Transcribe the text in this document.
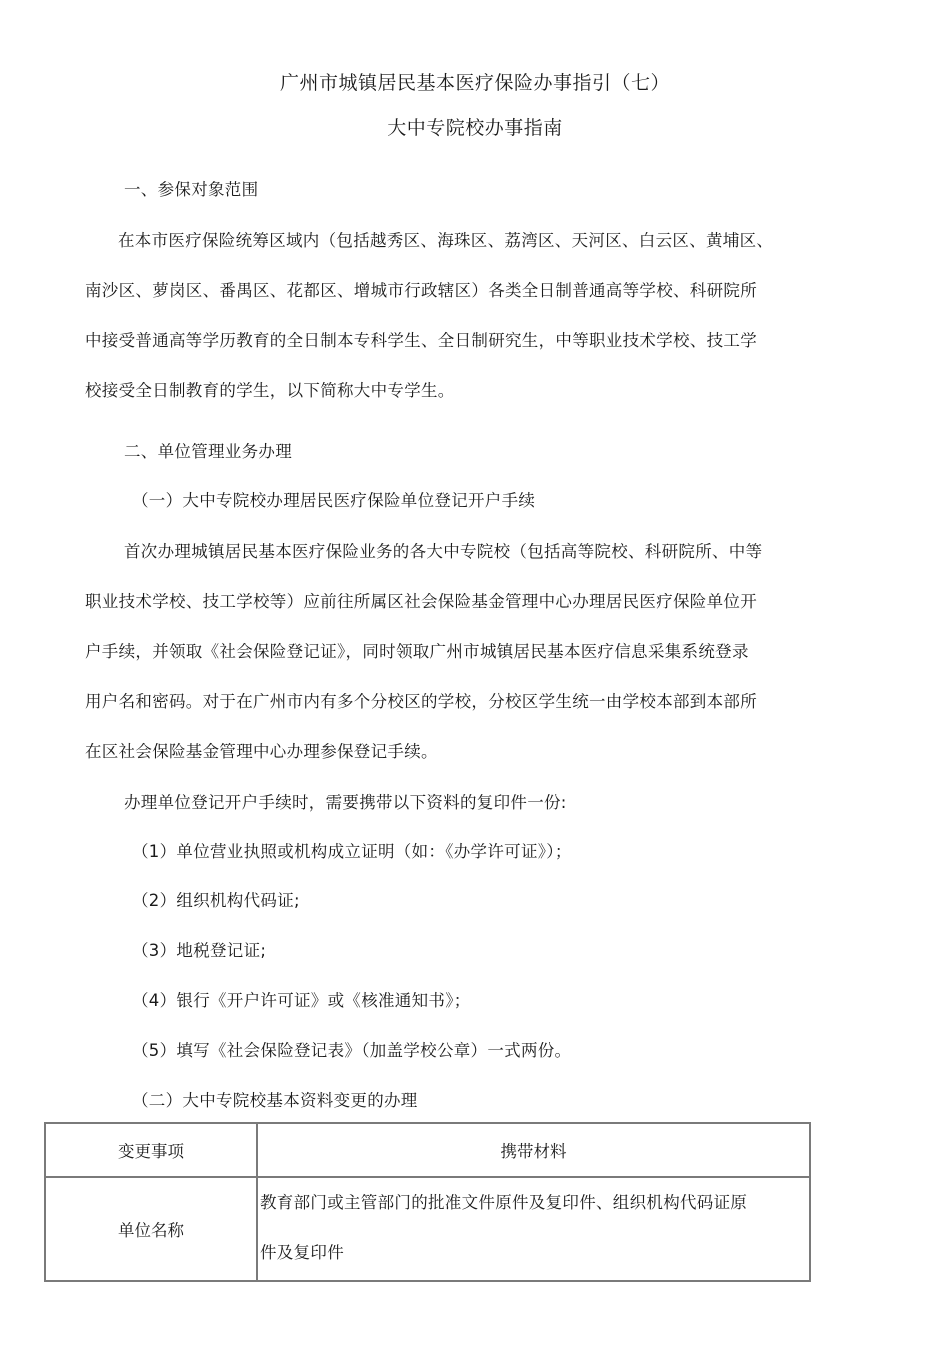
广州市城镇居民基本医疗保险办事指引（七）
大中专院校办事指南
一、参保对象范围
在本市医疗保险统筹区域内（包括越秀区、海珠区、荔湾区、天河区、白云区、黄埔区、
南沙区、萝岗区、番禺区、花都区、增城市行政辖区）各类全日制普通高等学校、科研院所
中接受普通高等学历教育的全日制本专科学生、全日制研究生，中等职业技术学校、技工学
校接受全日制教育的学生，以下简称大中专学生。
二、单位管理业务办理
（一）大中专院校办理居民医疗保险单位登记开户手续
首次办理城镇居民基本医疗保险业务的各大中专院校（包括高等院校、科研院所、中等
职业技术学校、技工学校等）应前往所属区社会保险基金管理中心办理居民医疗保险单位开
户手续，并领取《社会保险登记证》，同时领取广州市城镇居民基本医疗信息采集系统登录
用户名和密码。对于在广州市内有多个分校区的学校，分校区学生统一由学校本部到本部所
在区社会保险基金管理中心办理参保登记手续。
办理单位登记开户手续时，需要携带以下资料的复印件一份:
（1）单位营业执照或机构成立证明（如：《办学许可证》）；
（2）组织机构代码证;
（3）地税登记证;
（4）银行《开户许可证》或《核准通知书》；
（5）填写《社会保险登记表》（加盖学校公章）一式两份。
（二）大中专院校基本资料变更的办理
变更事项	携带材料
单位名称	教育部门或主管部门的批准文件原件及复印件、组织机构代码证原
件及复印件
